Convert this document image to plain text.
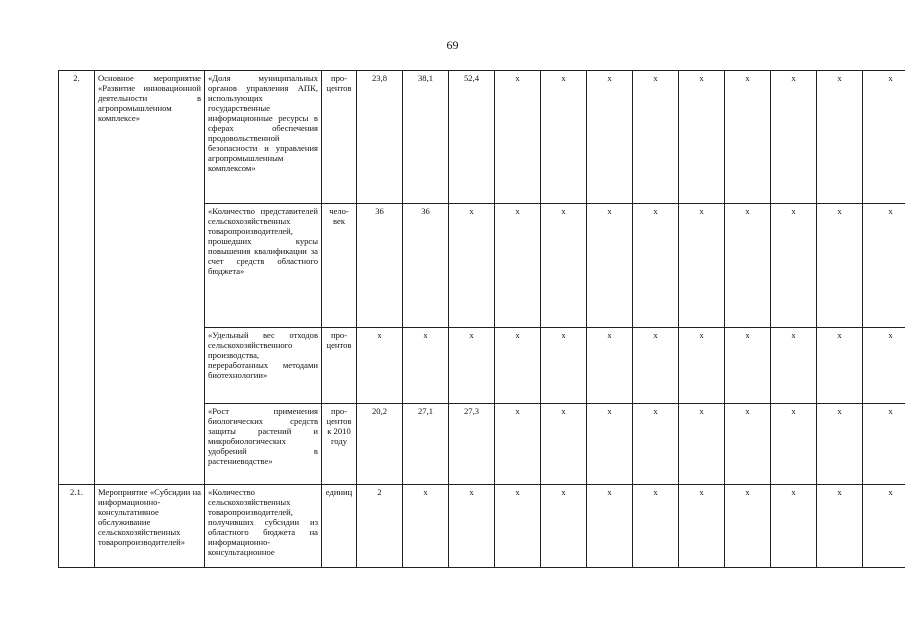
69
2.	Основное мероприятие «Развитие инновационной деятельности в агропромышленном комплексе»	«Доля муниципальных органов управления АПК, использующих государственные информационные ресурсы в сферах обеспечения продовольственной безопасности и управления агропромышленным комплексом»	про-центов	23,8	38,1	52,4	х	х	х	х	х	х	х	х	х
		«Количество представителей сельскохозяйственных товаропроизводителей, прошедших курсы повышения квалификации за счет средств областного бюджета»	чело-век	36	36	х	х	х	х	х	х	х	х	х	х
		«Удельный вес отходов сельскохозяйственного производства, переработанных методами биотехнологии»	про-центов	х	х	х	х	х	х	х	х	х	х	х	х
		«Рост применения биологических средств защиты растений и микробиологических удобрений в растениеводстве»	про-центов к 2010 году	20,2	27,1	27,3	х	х	х	х	х	х	х	х	х
2.1.	Мероприятие «Субсидии на информационно-консультативное обслуживание сельскохозяйственных товаропроизводителей»	«Количество сельскохозяйственных товаропроизводителей, получивших субсидии из областного бюджета на информационно-консультационное	единиц	2	х	х	х	х	х	х	х	х	х	х	х
